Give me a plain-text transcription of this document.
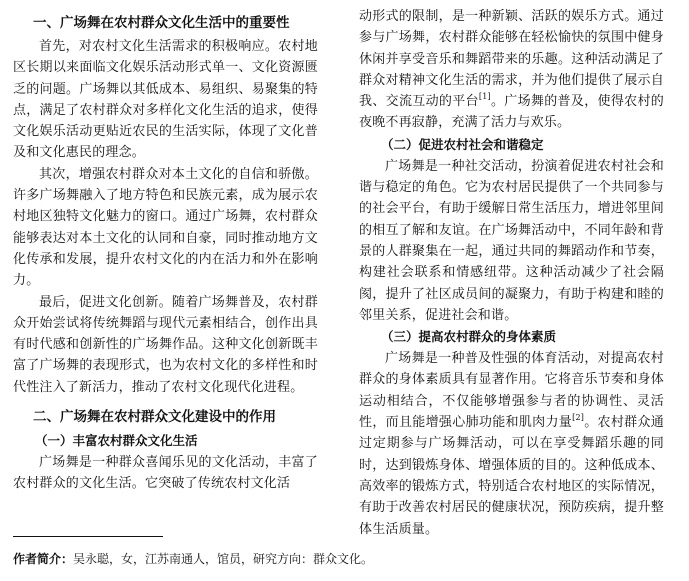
一、广场舞在农村群众文化生活中的重要性

首先，对农村文化生活需求的积极响应。农村地区长期以来面临文化娱乐活动形式单一、文化资源匮乏的问题。广场舞以其低成本、易组织、易聚集的特点，满足了农村群众对多样化文化生活的追求，使得文化娱乐活动更贴近农民的生活实际，体现了文化普及和文化惠民的理念。

其次，增强农村群众对本土文化的自信和骄傲。许多广场舞融入了地方特色和民族元素，成为展示农村地区独特文化魅力的窗口。通过广场舞，农村群众能够表达对本土文化的认同和自豪，同时推动地方文化传承和发展，提升农村文化的内在活力和外在影响力。

最后，促进文化创新。随着广场舞普及，农村群众开始尝试将传统舞蹈与现代元素相结合，创作出具有时代感和创新性的广场舞作品。这种文化创新既丰富了广场舞的表现形式，也为农村文化的多样性和时代性注入了新活力，推动了农村文化现代化进程。

二、广场舞在农村群众文化建设中的作用
（一）丰富农村群众文化生活

广场舞是一种群众喜闻乐见的文化活动，丰富了农村群众的文化生活。它突破了传统农村文化活

动形式的限制，是一种新颖、活跃的娱乐方式。通过参与广场舞，农村群众能够在轻松愉快的氛围中健身休闲并享受音乐和舞蹈带来的乐趣。这种活动满足了群众对精神文化生活的需求，并为他们提供了展示自我、交流互动的平台[1]。广场舞的普及，使得农村的夜晚不再寂静，充满了活力与欢乐。

（二）促进农村社会和谐稳定

广场舞是一种社交活动，扮演着促进农村社会和谐与稳定的角色。它为农村居民提供了一个共同参与的社会平台，有助于缓解日常生活压力，增进邻里间的相互了解和友谊。在广场舞活动中，不同年龄和背景的人群聚集在一起，通过共同的舞蹈动作和节奏，构建社会联系和情感纽带。这种活动减少了社会隔阂，提升了社区成员间的凝聚力，有助于构建和睦的邻里关系，促进社会和谐。

（三）提高农村群众的身体素质

广场舞是一种普及性强的体育活动，对提高农村群众的身体素质具有显著作用。它将音乐节奏和身体运动相结合，不仅能够增强参与者的协调性、灵活性，而且能增强心肺功能和肌肉力量[2]。农村群众通过定期参与广场舞活动，可以在享受舞蹈乐趣的同时，达到锻炼身体、增强体质的目的。这种低成本、高效率的锻炼方式，特别适合农村地区的实际情况，有助于改善农村居民的健康状况，预防疾病，提升整体生活质量。

作者简介：吴永聪，女，江苏南通人，馆员，研究方向：群众文化。
